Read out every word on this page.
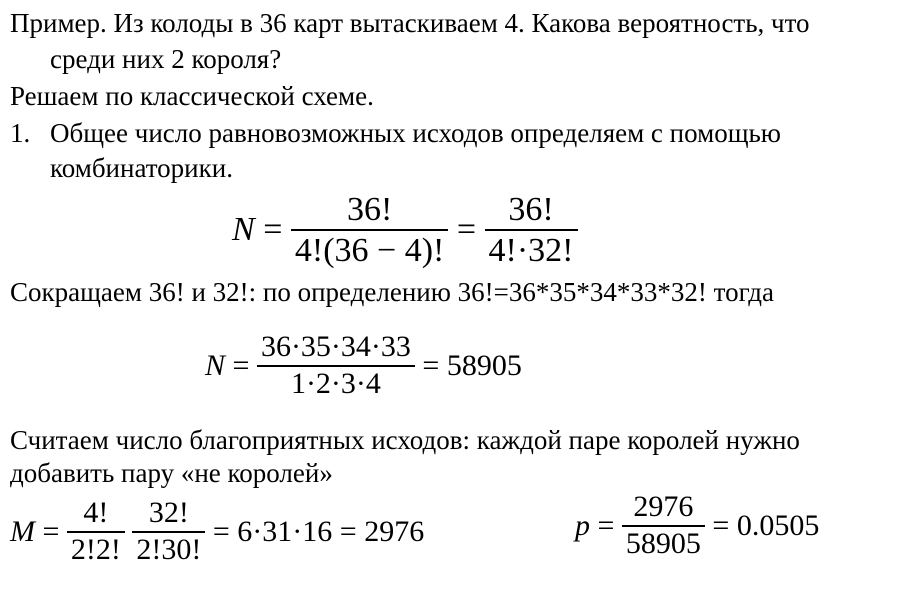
Пример. Из колоды в 36 карт вытаскиваем 4. Какова вероятность, что
среди них 2 короля?
Решаем по классической схеме.
1. Общее число равновозможных исходов определяем с помощью
комбинаторики.
$N = \frac{36!}{4!(36 - 4)!} = \frac{36!}{4!\cdot 32!}$
Сокращаем 36! и 32!: по определению 36!=36*35*34*33*32! тогда
$N = \frac{36\cdot 35\cdot 34\cdot 33}{1\cdot 2\cdot 3\cdot 4} = 58905$
Считаем число благоприятных исходов: каждой паре королей нужно
добавить пару «не королей»
$M = \frac{4!}{2!2!}$
$\frac{32!}{2!30!} = 6\cdot 31\cdot 16 = 2976$	$p = \frac{2976}{58905} = 0.0505$
